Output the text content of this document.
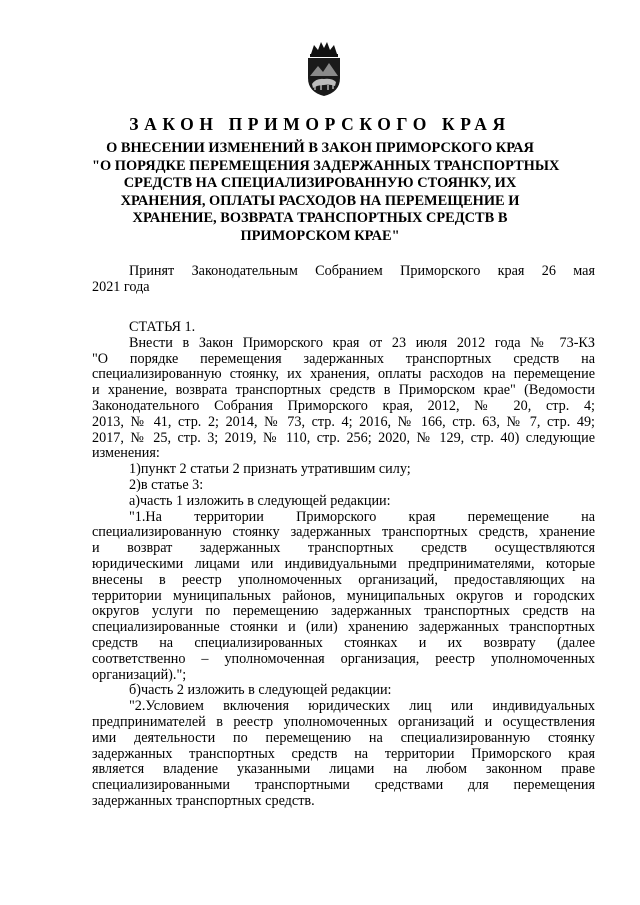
ЗАКОН ПРИМОРСКОГО КРАЯ
О ВНЕСЕНИИ ИЗМЕНЕНИЙ В ЗАКОН ПРИМОРСКОГО КРАЯ
"О ПОРЯДКЕ ПЕРЕМЕЩЕНИЯ ЗАДЕРЖАННЫХ ТРАНСПОРТНЫХ
СРЕДСТВ НА СПЕЦИАЛИЗИРОВАННУЮ СТОЯНКУ, ИХ
ХРАНЕНИЯ, ОПЛАТЫ РАСХОДОВ НА ПЕРЕМЕЩЕНИЕ И
ХРАНЕНИЕ, ВОЗВРАТА ТРАНСПОРТНЫХ СРЕДСТВ В
ПРИМОРСКОМ КРАЕ"
Принят Законодательным Собранием Приморского края 26 мая
2021 года
СТАТЬЯ 1.
Внести в Закон Приморского края от 23 июля 2012 года № 73-КЗ
"О порядке перемещения задержанных транспортных средств на
специализированную стоянку, их хранения, оплаты расходов на перемещение
и хранение, возврата транспортных средств в Приморском крае" (Ведомости
Законодательного Собрания Приморского края, 2012, № 20, стр. 4;
2013, № 41, стр. 2; 2014, № 73, стр. 4; 2016, № 166, стр. 63, № 7, стр. 49;
2017, № 25, стр. 3; 2019, № 110, стр. 256; 2020, № 129, стр. 40) следующие
изменения:
1)пункт 2 статьи 2 признать утратившим силу;
2)в статье 3:
а)часть 1 изложить в следующей редакции:
"1.На территории Приморского края перемещение на
специализированную стоянку задержанных транспортных средств, хранение
и возврат задержанных транспортных средств осуществляются
юридическими лицами или индивидуальными предпринимателями, которые
внесены в реестр уполномоченных организаций, предоставляющих на
территории муниципальных районов, муниципальных округов и городских
округов услуги по перемещению задержанных транспортных средств на
специализированные стоянки и (или) хранению задержанных транспортных
средств на специализированных стоянках и их возврату (далее
соответственно – уполномоченная организация, реестр уполномоченных
организаций).";
б)часть 2 изложить в следующей редакции:
"2.Условием включения юридических лиц или индивидуальных
предпринимателей в реестр уполномоченных организаций и осуществления
ими деятельности по перемещению на специализированную стоянку
задержанных транспортных средств на территории Приморского края
является владение указанными лицами на любом законном праве
специализированными транспортными средствами для перемещения
задержанных транспортных средств.
